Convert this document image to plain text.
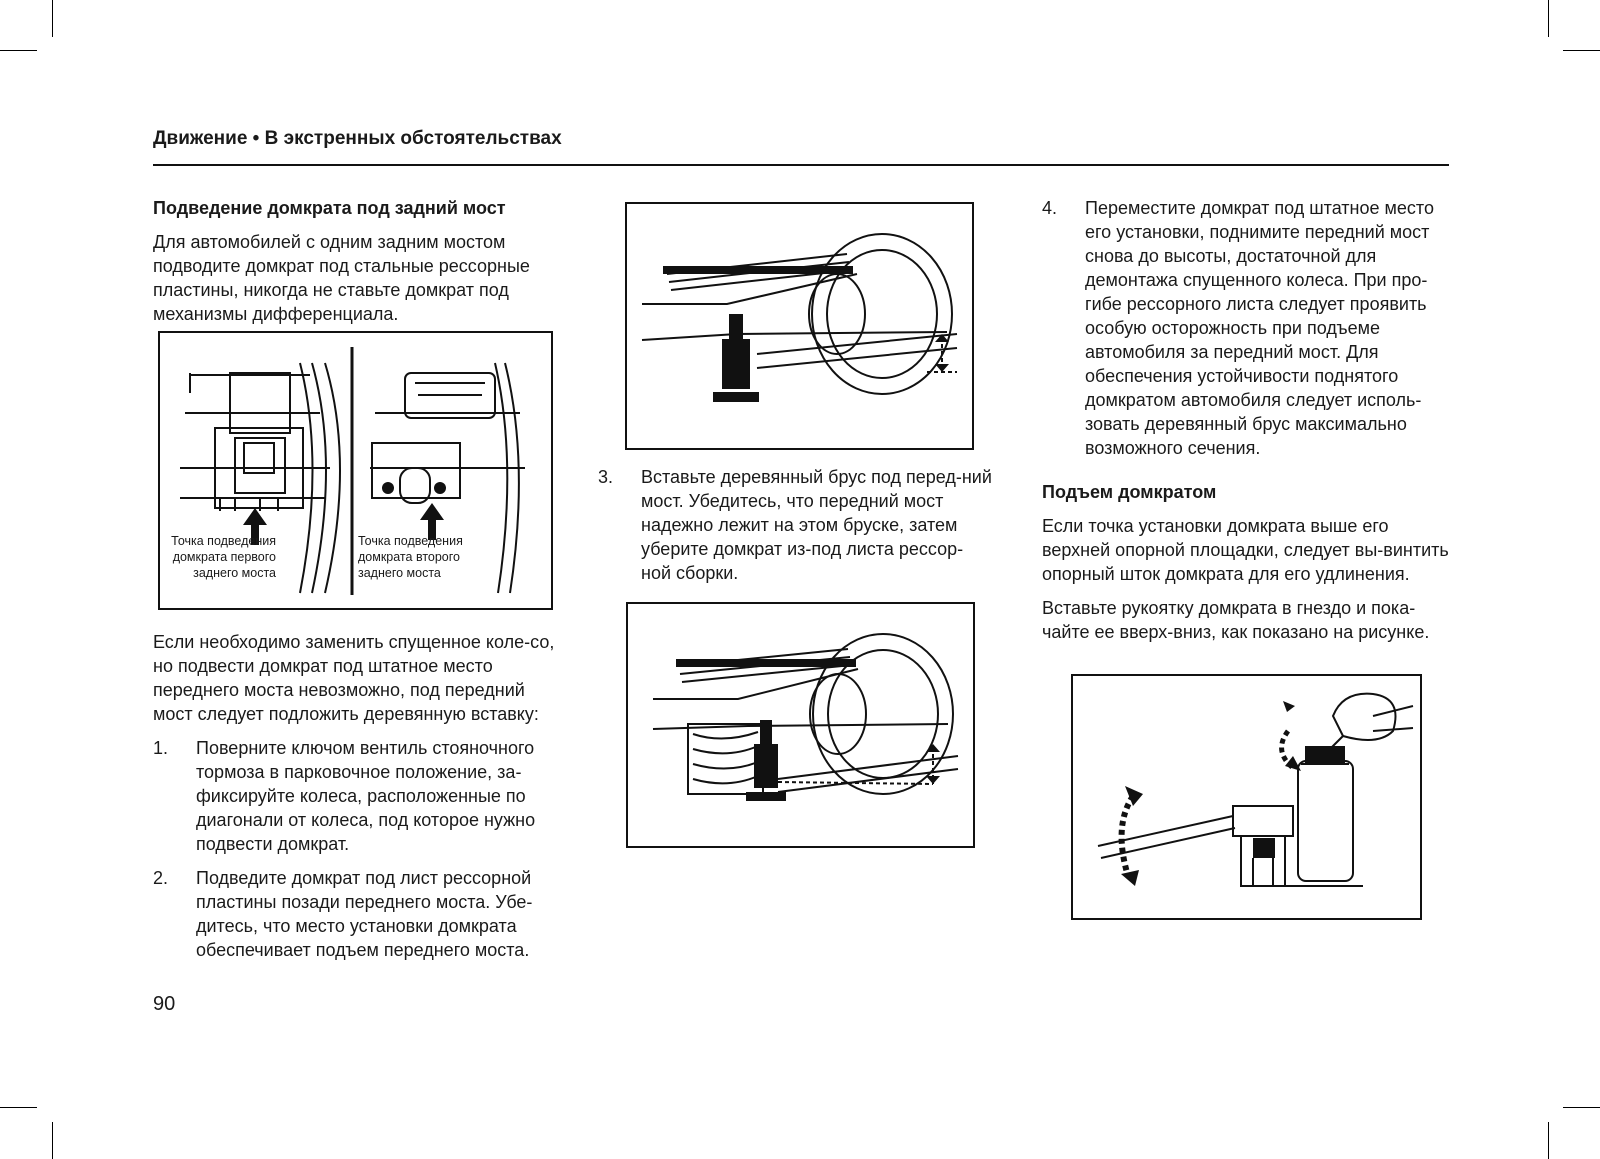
Движение • В экстренных обстоятельствах
Подведение домкрата под задний мост

Для автомобилей с одним задним мостом подводите домкрат под стальные рессорные пластины, никогда не ставьте домкрат под механизмы дифференциала.

Точка подведения
домкрата первого
заднего моста
Точка подведения
домкрата второго
заднего моста

Если необходимо заменить спущенное коле-со, но подвести домкрат под штатное место переднего моста невозможно, под передний мост следует подложить деревянную вставку:

1. Поверните ключом вентиль стояночного тормоза в парковочное положение, за-фиксируйте колеса, расположенные по диагонали от колеса, под которое нужно подвести домкрат.
2. Подведите домкрат под лист рессорной пластины позади переднего моста. Убе-дитесь, что место установки домкрата обеспечивает подъем переднего моста.
3. Вставьте деревянный брус под перед-ний мост. Убедитесь, что передний мост надежно лежит на этом бруске, затем уберите домкрат из-под листа рессор-ной сборки.
4. Переместите домкрат под штатное место его установки, поднимите передний мост снова до высоты, достаточной для демонтажа спущенного колеса. При про-гибе рессорного листа следует проявить особую осторожность при подъеме автомобиля за передний мост. Для обеспечения устойчивости поднятого домкратом автомобиля следует исполь-зовать деревянный брус максимально возможного сечения.
Подъем домкратом

Если точка установки домкрата выше его верхней опорной площадки, следует вы-винтить опорный шток домкрата для его удлинения.

Вставьте рукоятку домкрата в гнездо и пока-чайте ее вверх-вниз, как показано на рисунке.

90
